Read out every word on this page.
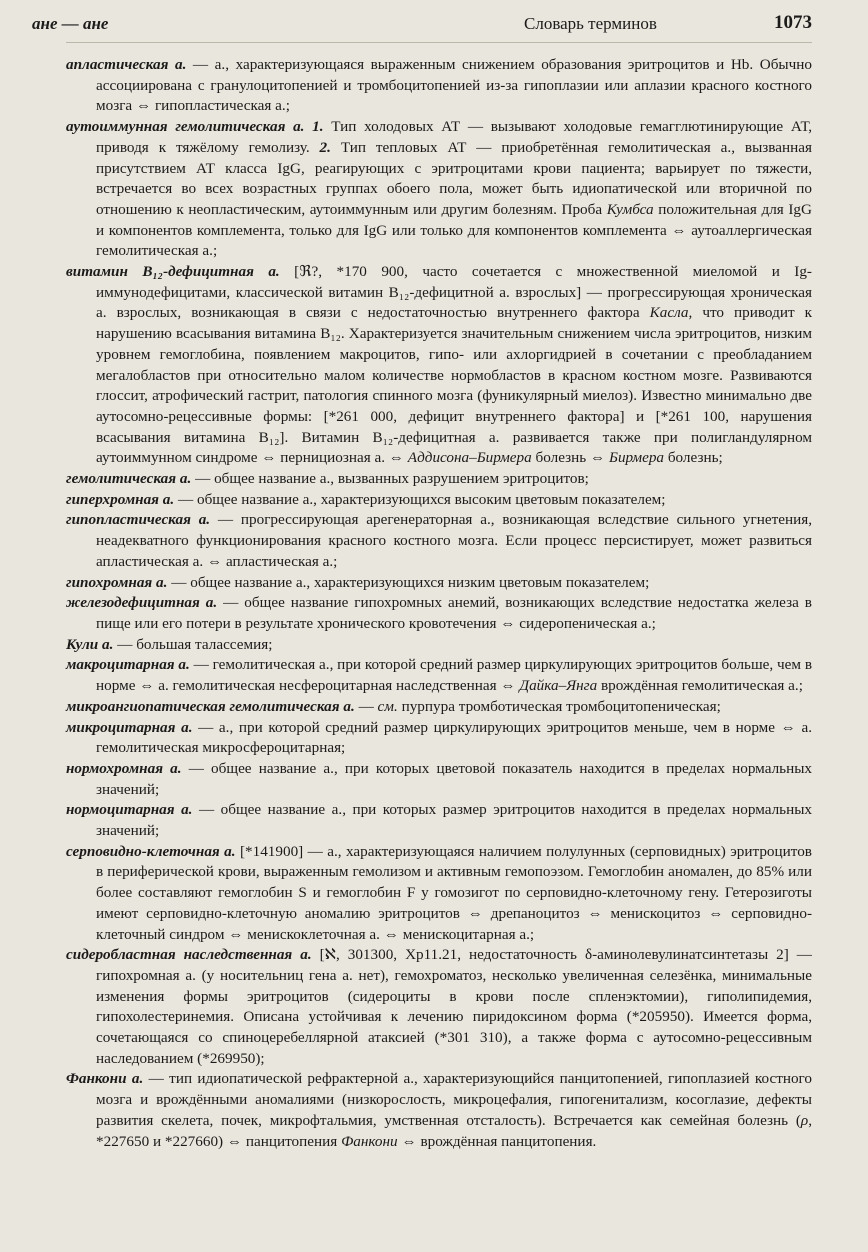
ане — ане	Словарь терминов	1073

апластическая а. — а., характеризующаяся выраженным снижением образования эритроцитов и Hb. Обычно ассоциирована с гранулоцитопенией и тромбоцитопенией из-за гипоплазии или аплазии красного костного мозга ⇔ гипопластическая а.;

аутоиммунная гемолитическая а. 1. Тип холодовых АТ — вызывают холодовые гемагглютинирующие АТ, приводя к тяжёлому гемолизу. 2. Тип тепловых АТ — приобретённая гемолитическая а., вызванная присутствием АТ класса IgG, реагирующих с эритроцитами крови пациента; варьирует по тяжести, встречается во всех возрастных группах обоего пола, может быть идиопатической или вторичной по отношению к неопластическим, аутоиммунным или другим болезням. Проба Кумбса положительная для IgG и компонентов комплемента, только для IgG или только для компонентов комплемента ⇔ аутоаллергическая гемолитическая а.;

витамин B₁₂-дефицитная а. [ℜ?, *170 900, часто сочетается с множественной миеломой и Ig-иммунодефицитами, классической витамин B₁₂-дефицитной а. взрослых] — прогрессирующая хроническая а. взрослых, возникающая в связи с недостаточностью внутреннего фактора Касла, что приводит к нарушению всасывания витамина B₁₂. Характеризуется значительным снижением числа эритроцитов, низким уровнем гемоглобина, появлением макроцитов, гипо- или ахлоргидрией в сочетании с преобладанием мегалобластов при относительно малом количестве нормобластов в красном костном мозге. Развиваются глоссит, атрофический гастрит, патология спинного мозга (фуникулярный миелоз). Известно минимально две аутосомно-рецессивные формы: [*261 000, дефицит внутреннего фактора] и [*261 100, нарушения всасывания витамина B₁₂]. Витамин B₁₂-дефицитная а. развивается также при полигландулярном аутоиммунном синдроме ⇔ пернициозная а. ⇔ Аддисона–Бирмера болезнь ⇔ Бирмера болезнь;

гемолитическая а. — общее название а., вызванных разрушением эритроцитов;

гиперхромная а. — общее название а., характеризующихся высоким цветовым показателем;

гипопластическая а. — прогрессирующая арегенераторная а., возникающая вследствие сильного угнетения, неадекватного функционирования красного костного мозга. Если процесс персистирует, может развиться апластическая а. ⇔ апластическая а.;

гипохромная а. — общее название а., характеризующихся низким цветовым показателем;

железодефицитная а. — общее название гипохромных анемий, возникающих вследствие недостатка железа в пище или его потери в результате хронического кровотечения ⇔ сидеропеническая а.;

Кули а. — большая талассемия;

макроцитарная а. — гемолитическая а., при которой средний размер циркулирующих эритроцитов больше, чем в норме ⇔ а. гемолитическая несфероцитарная наследственная ⇔ Дайка–Янга врождённая гемолитическая а.;

микроангиопатическая гемолитическая а. — см. пурпура тромботическая тромбоцитопеническая;

микроцитарная а. — а., при которой средний размер циркулирующих эритроцитов меньше, чем в норме ⇔ а. гемолитическая микросфероцитарная;

нормохромная а. — общее название а., при которых цветовой показатель находится в пределах нормальных значений;

нормоцитарная а. — общее название а., при которых размер эритроцитов находится в пределах нормальных значений;

серповидно-клеточная а. [*141900] — а., характеризующаяся наличием полулунных (серповидных) эритроцитов в периферической крови, выраженным гемолизом и активным гемопоэзом. Гемоглобин аномален, до 85% или более составляют гемоглобин S и гемоглобин F у гомозигот по серповидно-клеточному гену. Гетерозиготы имеют серповидно-клеточную аномалию эритроцитов ⇔ дрепаноцитоз ⇔ менискоцитоз ⇔ серповидно-клеточный синдром ⇔ менискоклеточная а. ⇔ менискоцитарная а.;

сидеробластная наследственная а. [ℵ, 301300, Xp11.21, недостаточность δ-аминолевулинатсинтетазы 2] — гипохромная а. (у носительниц гена а. нет), гемохроматоз, несколько увеличенная селезёнка, минимальные изменения формы эритроцитов (сидероциты в крови после спленэктомии), гиполипидемия, гипохолестеринемия. Описана устойчивая к лечению пиридоксином форма (*205950). Имеется форма, сочетающаяся со спиноцеребеллярной атаксией (*301 310), а также форма с аутосомно-рецессивным наследованием (*269950);

Фанкони а. — тип идиопатической рефрактерной а., характеризующийся панцитопенией, гипоплазией костного мозга и врождёнными аномалиями (низкорослость, микроцефалия, гипогенитализм, косоглазие, дефекты развития скелета, почек, микрофтальмия, умственная отсталость). Встречается как семейная болезнь (ρ, *227650 и *227660) ⇔ панцитопения Фанкони ⇔ врождённая панцитопения.
